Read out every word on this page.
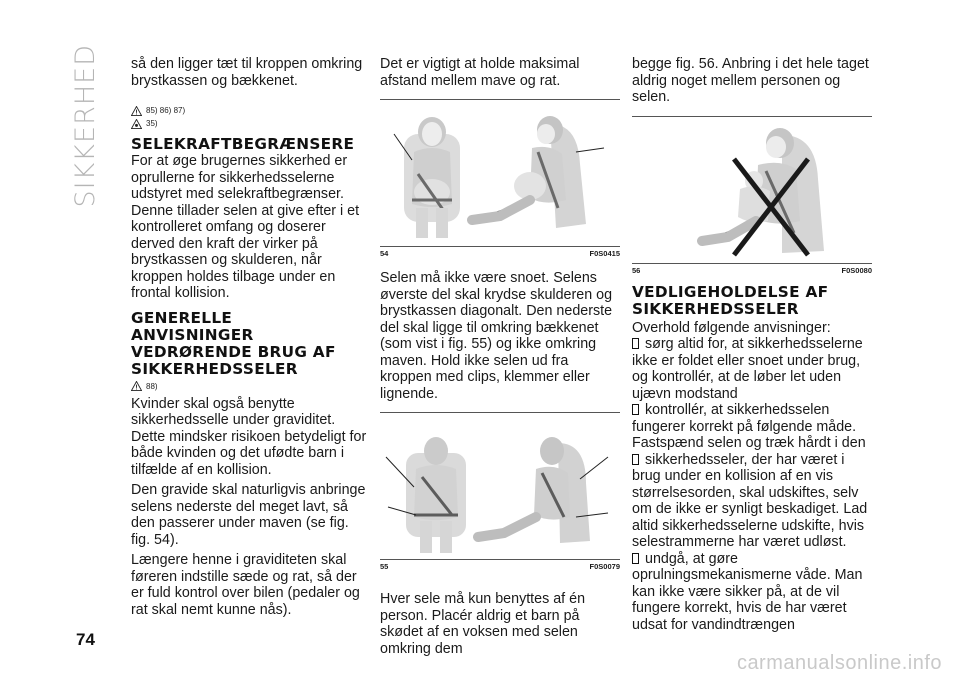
SIKKERHED
74
carmanualsonline.info

så den ligger tæt til kroppen omkring brystkassen og bækkenet.

85) 86) 87)
35)
SELEKRAFTBEGRÆNSERE

For at øge brugernes sikkerhed er oprullerne for sikkerhedsselerne udstyret med selekraftbegrænser. Denne tillader selen at give efter i et kontrolleret omfang og doserer derved den kraft der virker på brystkassen og skulderen, når kroppen holdes tilbage under en frontal kollision.

GENERELLE
ANVISNINGER
VEDRØRENDE BRUG AF
SIKKERHEDSSELER
88)

Kvinder skal også benytte sikkerhedsselle under graviditet. Dette mindsker risikoen betydeligt for både kvinden og det ufødte barn i tilfælde af en kollision.

Den gravide skal naturligvis anbringe selens nederste del meget lavt, så den passerer under maven (se fig. fig. 54).

Længere henne i graviditeten skal føreren indstille sæde og rat, så der er fuld kontrol over bilen (pedaler og rat skal nemt kunne nås).

Det er vigtigt at holde maksimal afstand mellem mave og rat.

54	F0S0415

Selen må ikke være snoet. Selens øverste del skal krydse skulderen og brystkassen diagonalt. Den nederste del skal ligge til omkring bækkenet (som vist i fig. 55) og ikke omkring maven. Hold ikke selen ud fra kroppen med clips, klemmer eller lignende.

55	F0S0079

Hver sele må kun benyttes af én person. Placér aldrig et barn på skødet af en voksen med selen omkring dem

begge fig. 56. Anbring i det hele taget aldrig noget mellem personen og selen.

56	F0S0080
VEDLIGEHOLDELSE AF
SIKKERHEDSSELER

Overhold følgende anvisninger:

sørg altid for, at sikkerhedsselerne ikke er foldet eller snoet under brug, og kontrollér, at de løber let uden ujævn modstand

kontrollér, at sikkerhedsselen fungerer korrekt på følgende måde. Fastspænd selen og træk hårdt i den

sikkerhedsseler, der har været i brug under en kollision af en vis størrelsesorden, skal udskiftes, selv om de ikke er synligt beskadiget. Lad altid sikkerhedsselerne udskifte, hvis selestrammerne har været udløst.

undgå, at gøre oprulningsmekanismerne våde. Man kan ikke være sikker på, at de vil fungere korrekt, hvis de har været udsat for vandindtrængen
